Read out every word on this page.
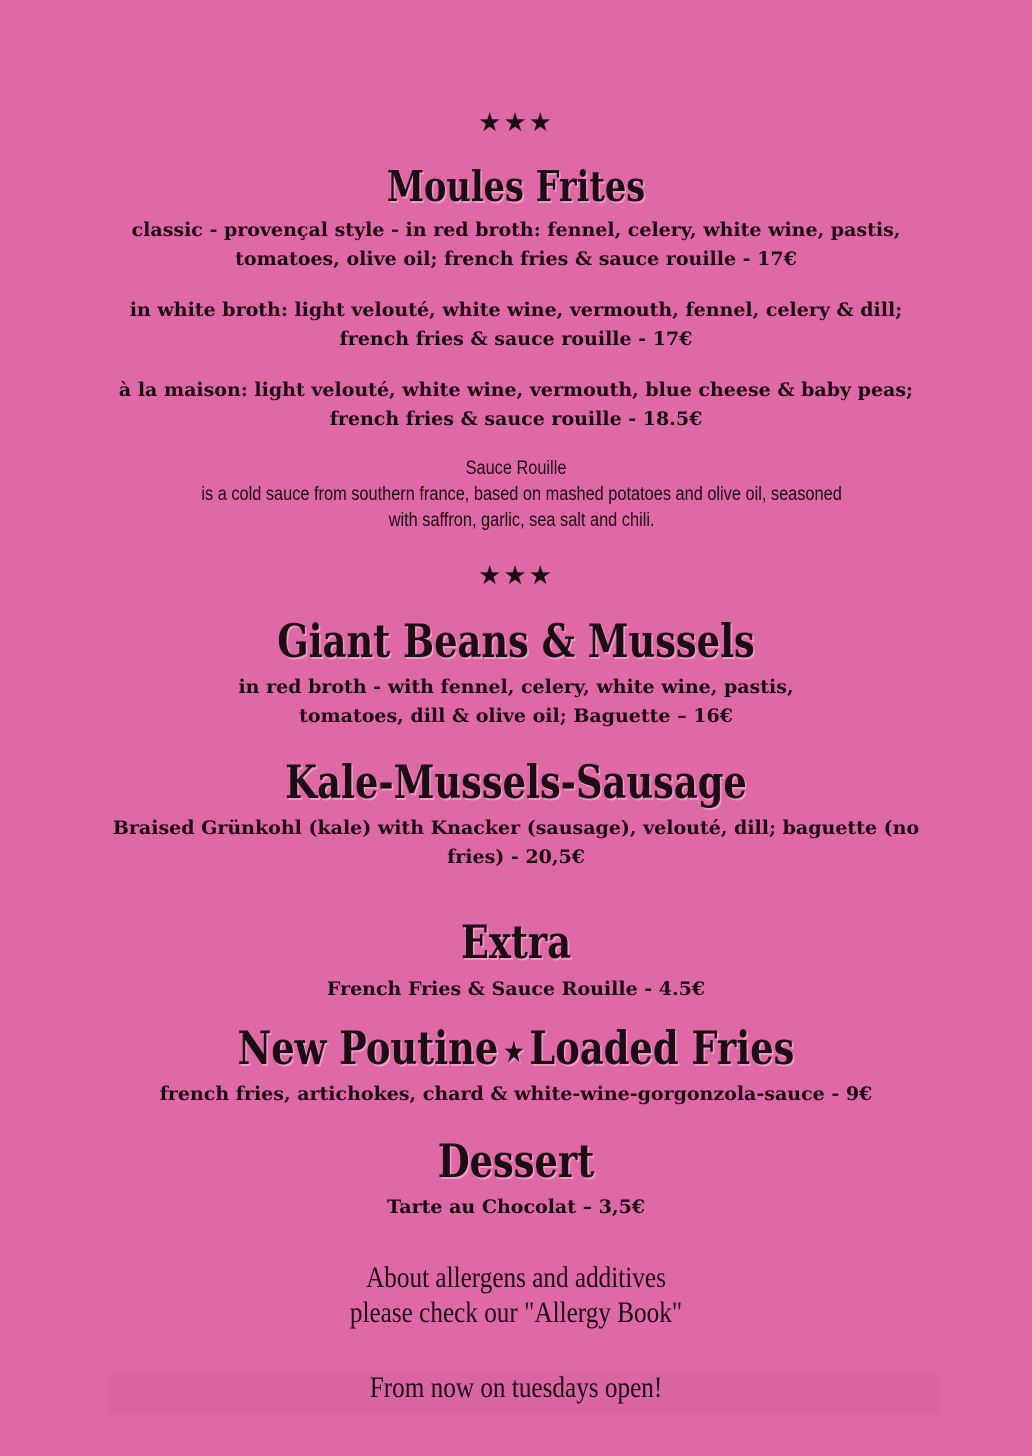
★★★
Moules Frites
classic - provençal style - in red broth: fennel, celery, white wine, pastis, tomatoes, olive oil; french fries & sauce rouille - 17€
in white broth: light velouté, white wine, vermouth, fennel, celery & dill; french fries & sauce rouille - 17€
à la maison: light velouté, white wine, vermouth, blue cheese & baby peas; french fries & sauce rouille - 18.5€
Sauce Rouille
is a cold sauce from southern france, based on mashed potatoes and olive oil, seasoned with saffron, garlic, sea salt and chili.
★★★
Giant Beans & Mussels
in red broth - with fennel, celery, white wine, pastis, tomatoes, dill & olive oil; Baguette – 16€
Kale-Mussels-Sausage
Braised Grünkohl (kale) with Knacker (sausage), velouté, dill; baguette (no fries) - 20,5€
Extra
French Fries & Sauce Rouille - 4.5€
New Poutine ★ Loaded Fries
french fries, artichokes, chard & white-wine-gorgonzola-sauce - 9€
Dessert
Tarte au Chocolat – 3,5€
About allergens and additives
please check our "Allergy Book"
From now on tuesdays open!
